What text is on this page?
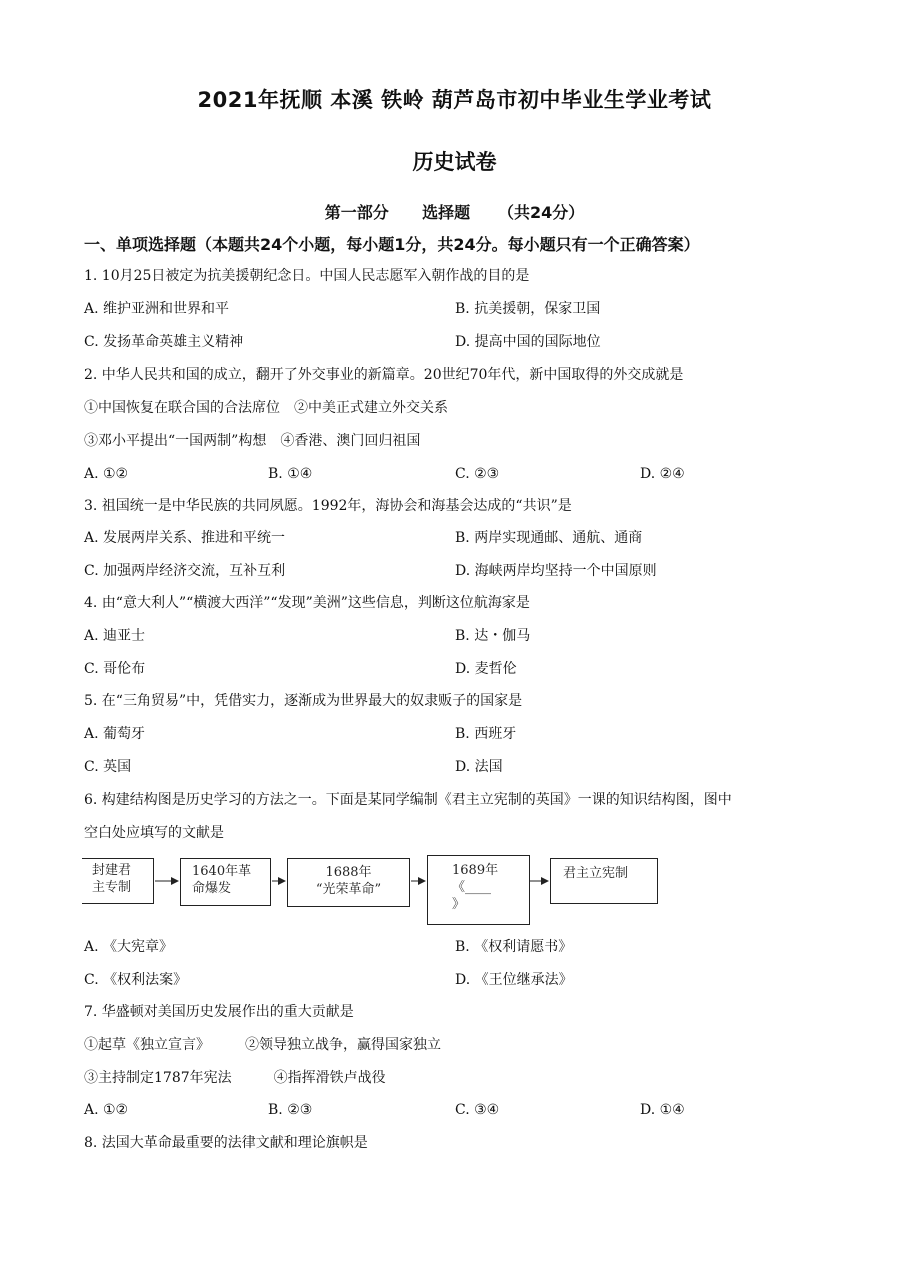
2021年抚顺 本溪 铁岭 葫芦岛市初中毕业生学业考试
历史试卷
第一部分 选择题 （共24分）
一、单项选择题（本题共24个小题，每小题1分，共24分。每小题只有一个正确答案）
1. 10月25日被定为抗美援朝纪念日。中国人民志愿军入朝作战的目的是
A. 维护亚洲和世界和平	B. 抗美援朝，保家卫国
C. 发扬革命英雄主义精神	D. 提高中国的国际地位
2. 中华人民共和国的成立，翻开了外交事业的新篇章。20世纪70年代，新中国取得的外交成就是
①中国恢复在联合国的合法席位　②中美正式建立外交关系
③邓小平提出“一国两制”构想　④香港、澳门回归祖国
A. ①②	B. ①④	C. ②③	D. ②④
3. 祖国统一是中华民族的共同夙愿。1992年，海协会和海基会达成的“共识”是
A. 发展两岸关系、推进和平统一	B. 两岸实现通邮、通航、通商
C. 加强两岸经济交流，互补互利	D. 海峡两岸均坚持一个中国原则
4. 由“意大利人”“横渡大西洋”“发现”美洲”这些信息，判断这位航海家是
A. 迪亚士	B. 达・伽马
C. 哥伦布	D. 麦哲伦
5. 在“三角贸易”中，凭借实力，逐渐成为世界最大的奴隶贩子的国家是
A. 葡萄牙	B. 西班牙
C. 英国	D. 法国
6. 构建结构图是历史学习的方法之一。下面是某同学编制《君主立宪制的英国》一课的知识结构图，图中
空白处应填写的文献是
封建君
主专制
1640年革
命爆发
1688年
“光荣革命”
1689年
《____
》
君主立宪制
A. 《大宪章》	B. 《权利请愿书》
C. 《权利法案》	D. 《王位继承法》
7. 华盛顿对美国历史发展作出的重大贡献是
①起草《独立宣言》　　　②领导独立战争，赢得国家独立
③主持制定1787年宪法　　　④指挥滑铁卢战役
A. ①②	B. ②③	C. ③④	D. ①④
8. 法国大革命最重要的法律文献和理论旗帜是
